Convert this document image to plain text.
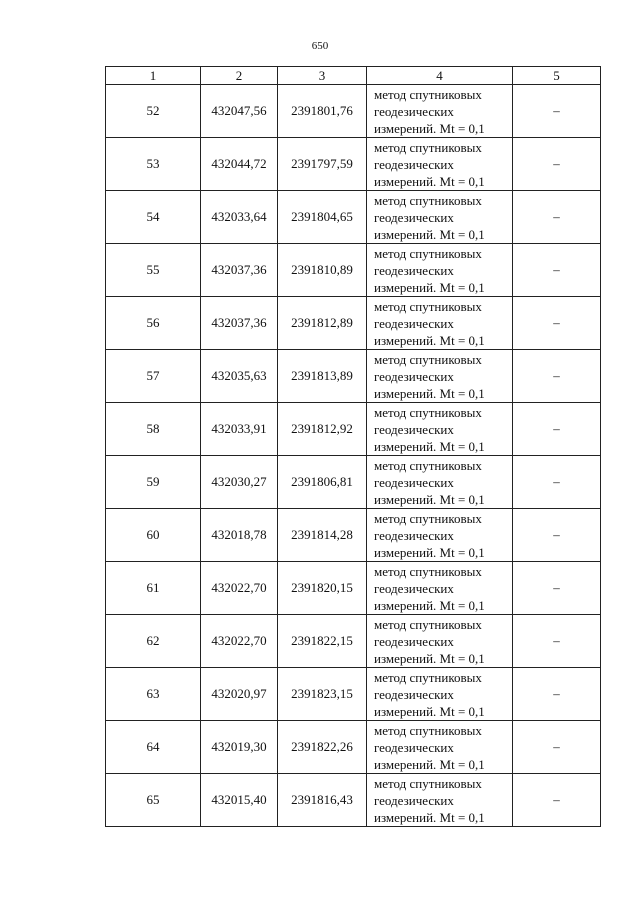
650
1	2	3	4	5
52	432047,56	2391801,76	метод спутниковых
геодезических
измерений. Mt = 0,1	–
53	432044,72	2391797,59	метод спутниковых
геодезических
измерений. Mt = 0,1	–
54	432033,64	2391804,65	метод спутниковых
геодезических
измерений. Mt = 0,1	–
55	432037,36	2391810,89	метод спутниковых
геодезических
измерений. Mt = 0,1	–
56	432037,36	2391812,89	метод спутниковых
геодезических
измерений. Mt = 0,1	–
57	432035,63	2391813,89	метод спутниковых
геодезических
измерений. Mt = 0,1	–
58	432033,91	2391812,92	метод спутниковых
геодезических
измерений. Mt = 0,1	–
59	432030,27	2391806,81	метод спутниковых
геодезических
измерений. Mt = 0,1	–
60	432018,78	2391814,28	метод спутниковых
геодезических
измерений. Mt = 0,1	–
61	432022,70	2391820,15	метод спутниковых
геодезических
измерений. Mt = 0,1	–
62	432022,70	2391822,15	метод спутниковых
геодезических
измерений. Mt = 0,1	–
63	432020,97	2391823,15	метод спутниковых
геодезических
измерений. Mt = 0,1	–
64	432019,30	2391822,26	метод спутниковых
геодезических
измерений. Mt = 0,1	–
65	432015,40	2391816,43	метод спутниковых
геодезических
измерений. Mt = 0,1	–
